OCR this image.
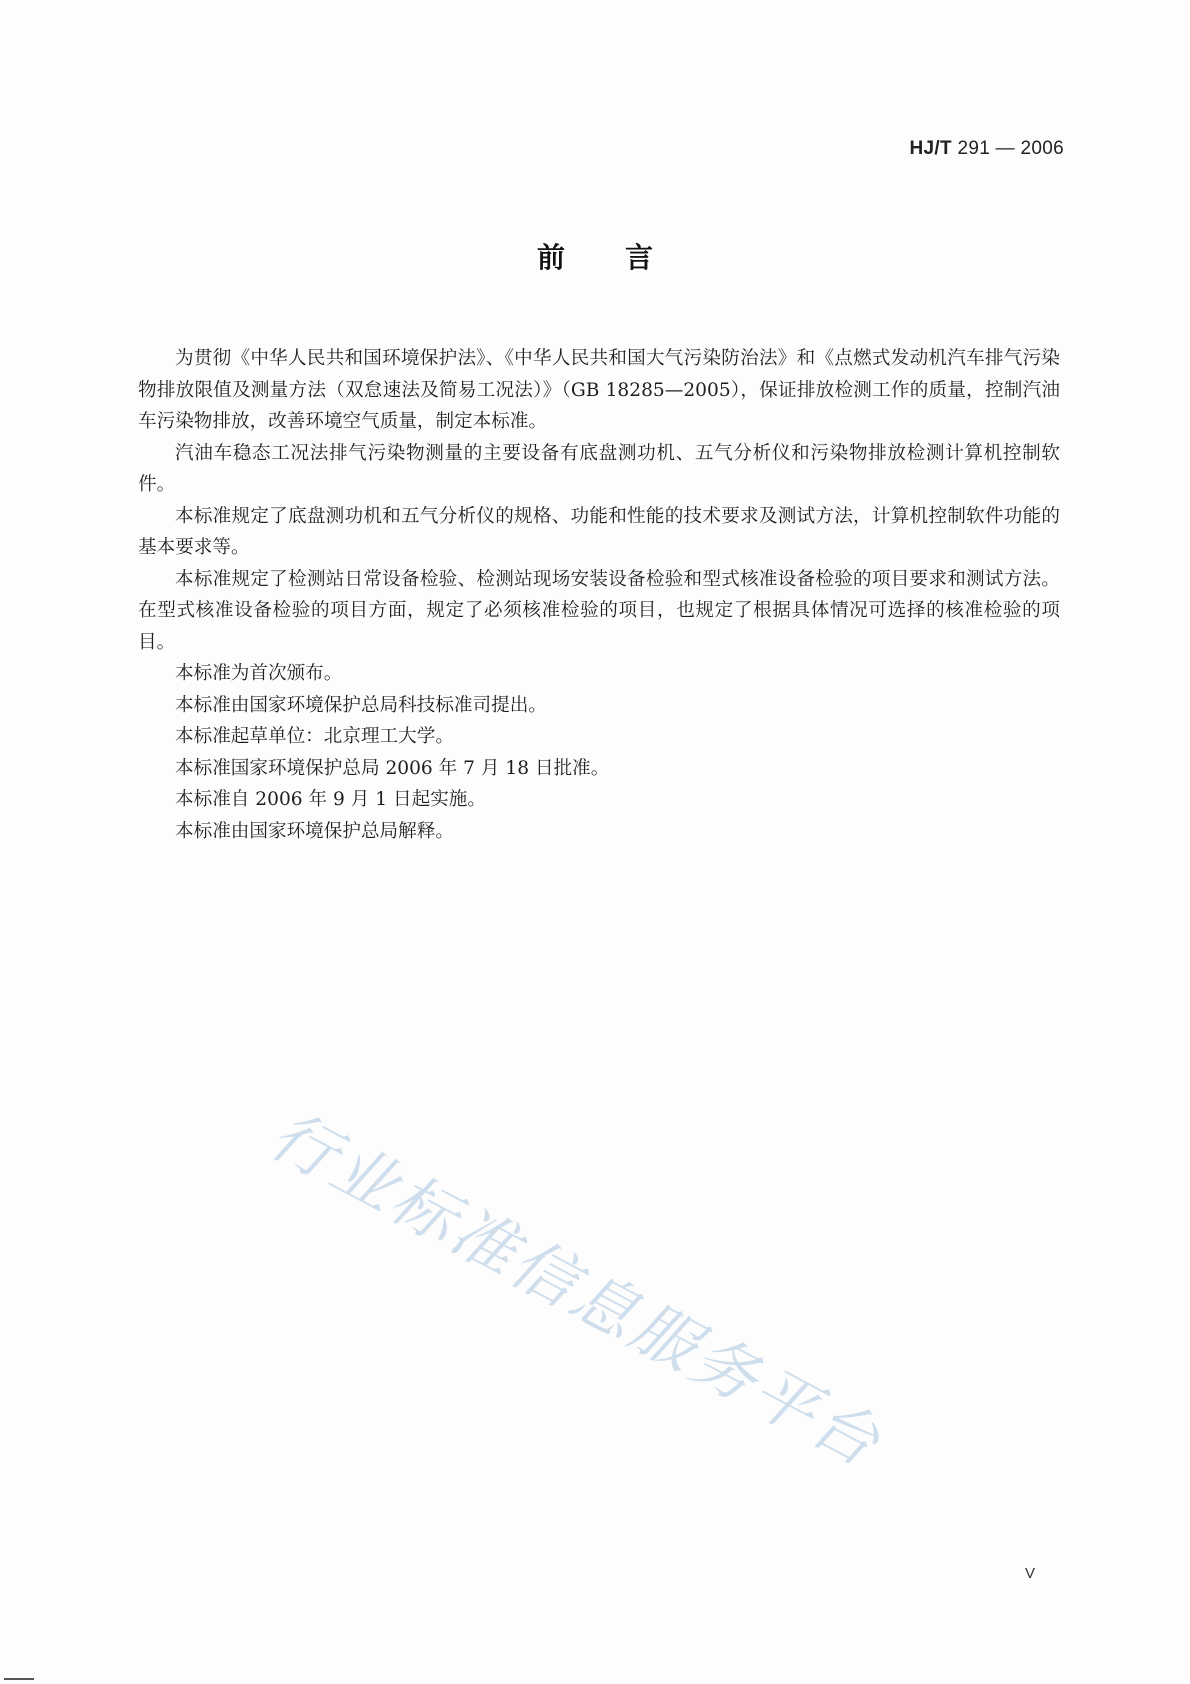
HJ/T 291 — 2006
前言

为贯彻《中华人民共和国环境保护法》、《中华人民共和国大气污染防治法》和《点燃式发动机汽车排气污染物排放限值及测量方法（双怠速法及简易工况法）》（GB 18285—2005），保证排放检测工作的质量，控制汽油车污染物排放，改善环境空气质量，制定本标准。

汽油车稳态工况法排气污染物测量的主要设备有底盘测功机、五气分析仪和污染物排放检测计算机控制软件。

本标准规定了底盘测功机和五气分析仪的规格、功能和性能的技术要求及测试方法，计算机控制软件功能的基本要求等。

本标准规定了检测站日常设备检验、检测站现场安装设备检验和型式核准设备检验的项目要求和测试方法。在型式核准设备检验的项目方面，规定了必须核准检验的项目，也规定了根据具体情况可选择的核准检验的项目。

本标准为首次颁布。

本标准由国家环境保护总局科技标准司提出。

本标准起草单位：北京理工大学。

本标准国家环境保护总局 2006 年 7 月 18 日批准。

本标准自 2006 年 9 月 1 日起实施。

本标准由国家环境保护总局解释。

行业标准信息服务平台
V
